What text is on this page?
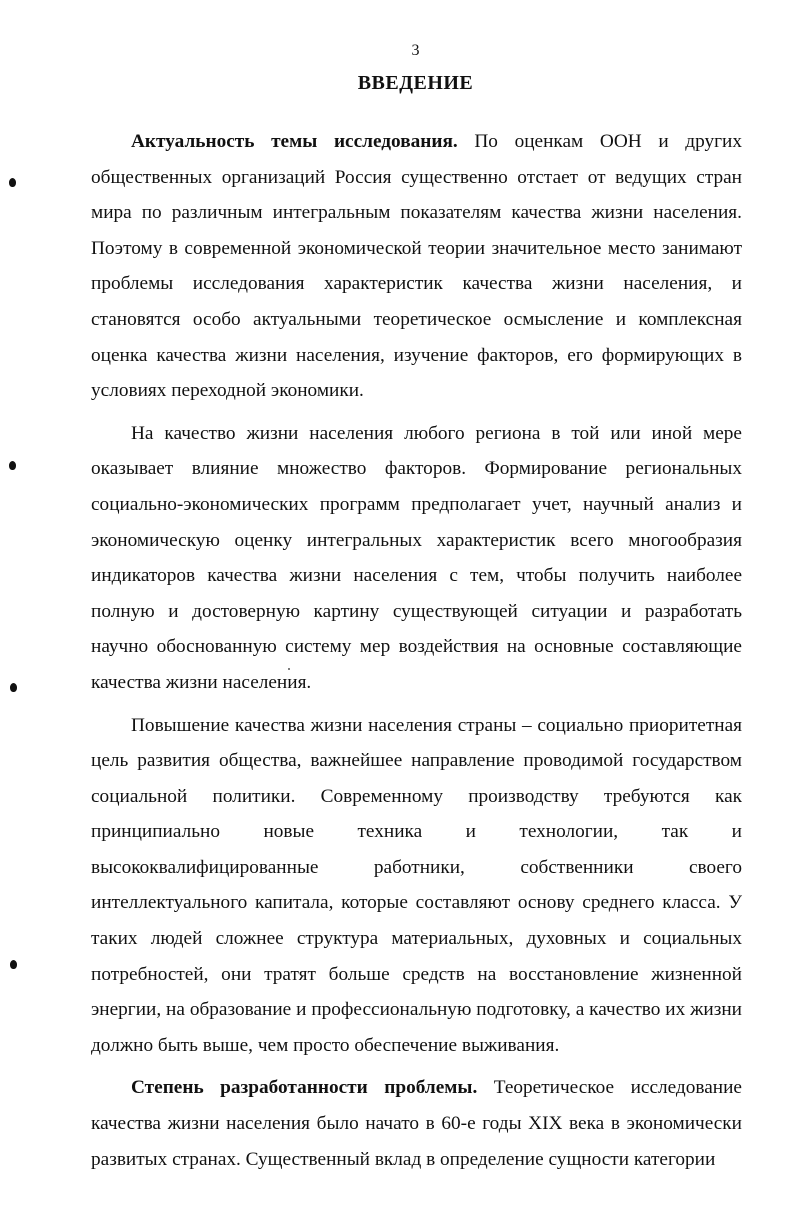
3
ВВЕДЕНИЕ

Актуальность темы исследования. По оценкам ООН и других общественных организаций Россия существенно отстает от ведущих стран мира по различным интегральным показателям качества жизни населения. Поэтому в современной экономической теории значительное место занимают проблемы исследования характеристик качества жизни населения, и становятся особо актуальными теоретическое осмысление и комплексная оценка качества жизни населения, изучение факторов, его формирующих в условиях переходной экономики.

На качество жизни населения любого региона в той или иной мере оказывает влияние множество факторов. Формирование региональных социально-экономических программ предполагает учет, научный анализ и экономическую оценку интегральных характеристик всего многообразия индикаторов качества жизни населения с тем, чтобы получить наиболее полную и достоверную картину существующей ситуации и разработать научно обоснованную систему мер воздействия на основные составляющие качества жизни населения.

Повышение качества жизни населения страны – социально приоритетная цель развития общества, важнейшее направление проводимой государством социальной политики. Современному производству требуются как принципиально новые техника и технологии, так и высококвалифицированные работники, собственники своего интеллектуального капитала, которые составляют основу среднего класса. У таких людей сложнее структура материальных, духовных и социальных потребностей, они тратят больше средств на восстановление жизненной энергии, на образование и профессиональную подготовку, а качество их жизни должно быть выше, чем просто обеспечение выживания.

Степень разработанности проблемы. Теоретическое исследование качества жизни населения было начато в 60-е годы XIX века в экономически развитых странах. Существенный вклад в определение сущности категории
